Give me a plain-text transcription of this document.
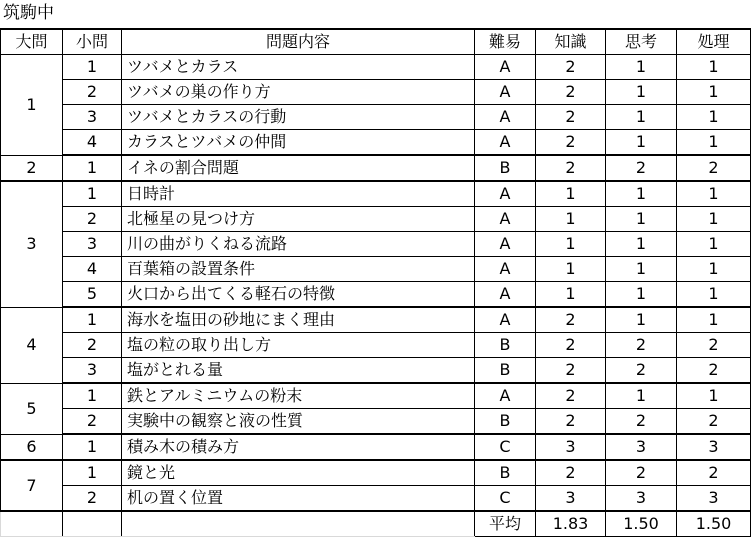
筑駒中
大問	小問	問題内容	難易	知識	思考	処理
1	1	ツバメとカラス	A	2	1	1
	2	ツバメの巣の作り方	A	2	1	1
	3	ツバメとカラスの行動	A	2	1	1
	4	カラスとツバメの仲間	A	2	1	1
2	1	イネの割合問題	B	2	2	2
3	1	日時計	A	1	1	1
	2	北極星の見つけ方	A	1	1	1
	3	川の曲がりくねる流路	A	1	1	1
	4	百葉箱の設置条件	A	1	1	1
	5	火口から出てくる軽石の特徴	A	1	1	1
4	1	海水を塩田の砂地にまく理由	A	2	1	1
	2	塩の粒の取り出し方	B	2	2	2
	3	塩がとれる量	B	2	2	2
5	1	鉄とアルミニウムの粉末	A	2	1	1
	2	実験中の観察と液の性質	B	2	2	2
6	1	積み木の積み方	C	3	3	3
7	1	鏡と光	B	2	2	2
	2	机の置く位置	C	3	3	3
			平均	1.83	1.50	1.50
